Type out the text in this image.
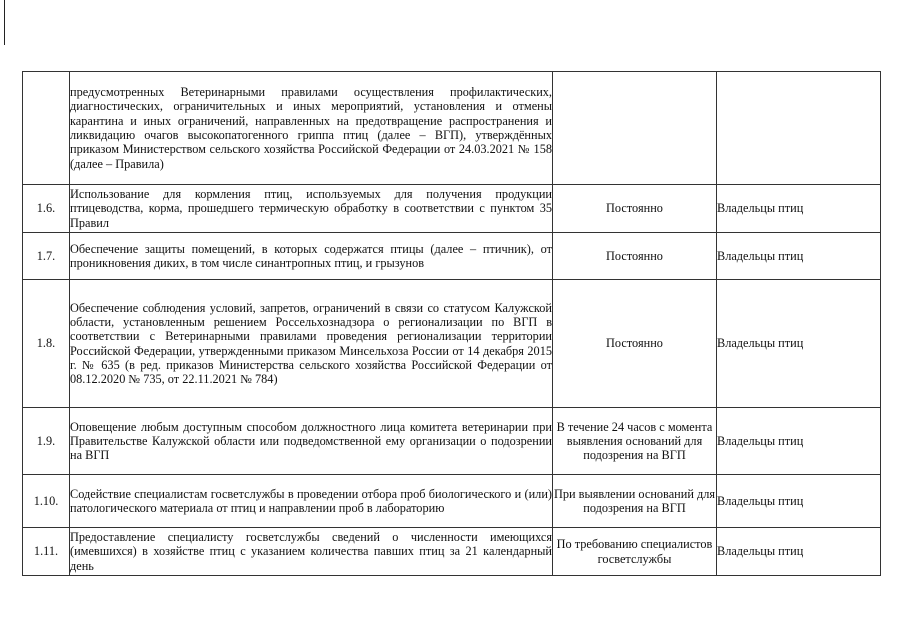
	предусмотренных Ветеринарными правилами осуществления профилактических, диагностических, ограничительных и иных мероприятий, установления и отмены карантина и иных ограничений, направленных на предотвращение распространения и ликвидацию очагов высокопатогенного гриппа птиц (далее – ВГП), утверждённых приказом Министерством сельского хозяйства Российской Федерации от 24.03.2021 № 158 (далее – Правила)		
1.6.	Использование для кормления птиц, используемых для получения продукции птицеводства, корма, прошедшего термическую обработку в соответствии с пунктом 35 Правил	Постоянно	Владельцы птиц
1.7.	Обеспечение защиты помещений, в которых содержатся птицы (далее – птичник), от проникновения диких, в том числе синантропных птиц, и грызунов	Постоянно	Владельцы птиц
1.8.	Обеспечение соблюдения условий, запретов, ограничений в связи со статусом Калужской области, установленным решением Россельхознадзора о регионализации по ВГП в соответствии с Ветеринарными правилами проведения регионализации территории Российской Федерации, утвержденными приказом Минсельхоза России от 14 декабря 2015 г. № 635 (в ред. приказов Министерства сельского хозяйства Российской Федерации от 08.12.2020 № 735, от 22.11.2021 № 784)	Постоянно	Владельцы птиц
1.9.	Оповещение любым доступным способом должностного лица комитета ветеринарии при Правительстве Калужской области или подведомственной ему организации о подозрении на ВГП	В течение 24 часов с момента выявления оснований для подозрения на ВГП	Владельцы птиц
1.10.	Содействие специалистам госветслужбы в проведении отбора проб биологического и (или) патологического материала от птиц и направлении проб в лабораторию	При выявлении оснований для подозрения на ВГП	Владельцы птиц
1.11.	Предоставление специалисту госветслужбы сведений о численности имеющихся (имевшихся) в хозяйстве птиц с указанием количества павших птиц за 21 календарный день	По требованию специалистов госветслужбы	Владельцы птиц
